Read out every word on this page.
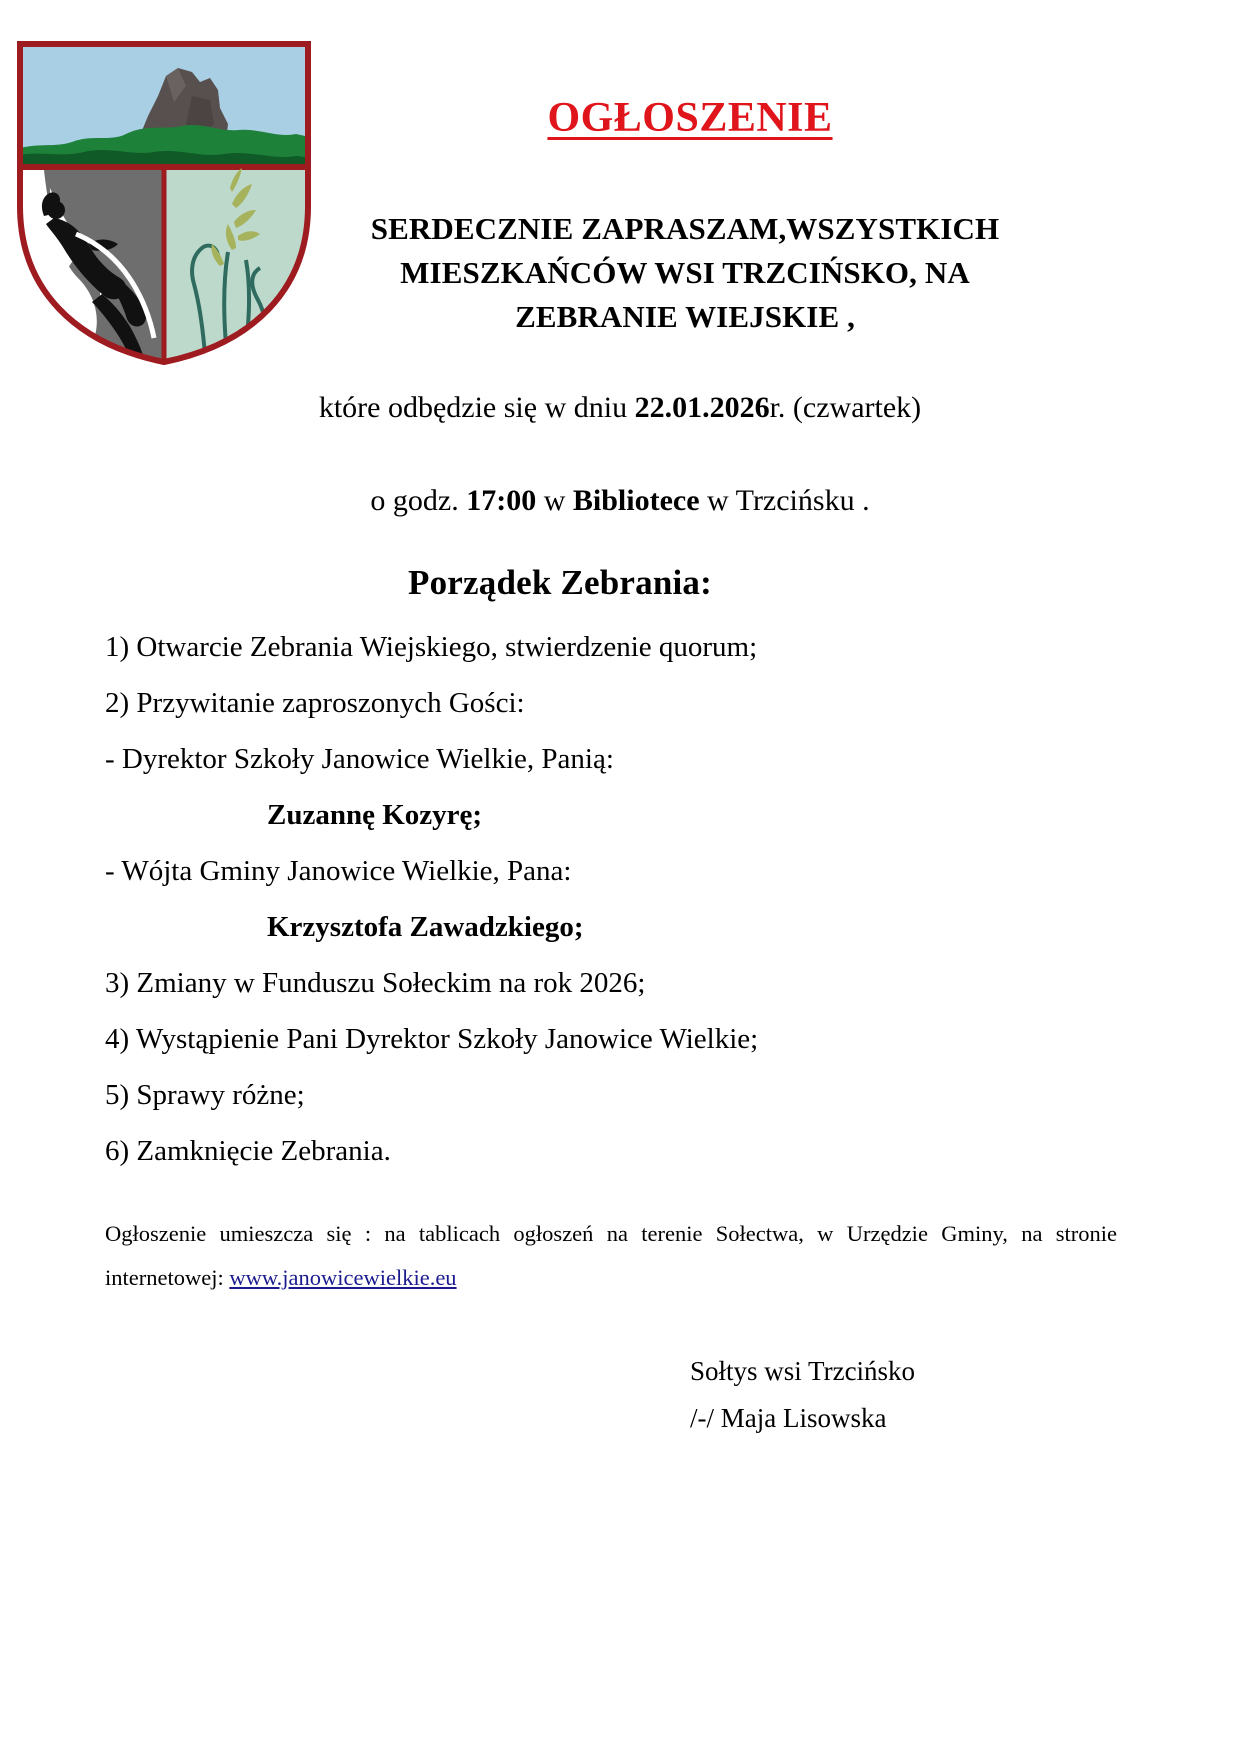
OGŁOSZENIE
SERDECZNIE ZAPRASZAM,WSZYSTKICH
MIESZKAŃCÓW WSI TRZCIŃSKO, NA
ZEBRANIE WIEJSKIE ,
które odbędzie się w dniu 22.01.2026r. (czwartek)
o godz. 17:00 w Bibliotece w Trzcińsku .
Porządek Zebrania:
1) Otwarcie Zebrania Wiejskiego, stwierdzenie quorum;
2) Przywitanie zaproszonych Gości:
- Dyrektor Szkoły Janowice Wielkie, Panią:
Zuzannę Kozyrę;
- Wójta Gminy Janowice Wielkie, Pana:
Krzysztofa Zawadzkiego;
3) Zmiany w Funduszu Sołeckim na rok 2026;
4) Wystąpienie Pani Dyrektor Szkoły Janowice Wielkie;
5) Sprawy różne;
6) Zamknięcie Zebrania.
Ogłoszenie umieszcza się : na tablicach ogłoszeń na terenie Sołectwa, w Urzędzie Gminy, na stronie internetowej: www.janowicewielkie.eu
Sołtys wsi Trzcińsko
/-/ Maja Lisowska
